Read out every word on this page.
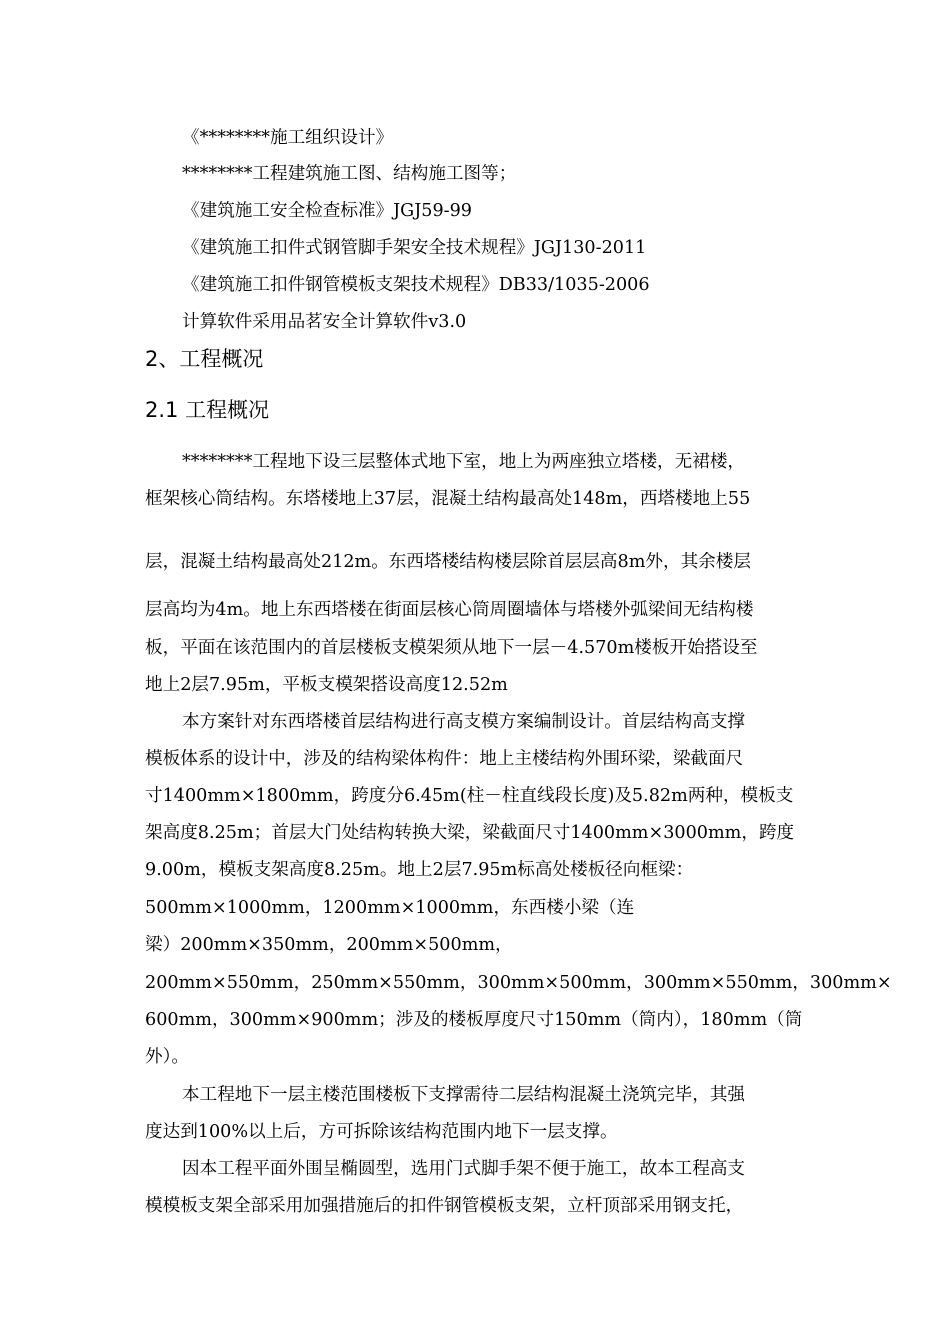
《********施工组织设计》
********工程建筑施工图、结构施工图等；
《建筑施工安全检查标准》JGJ59-99
《建筑施工扣件式钢管脚手架安全技术规程》JGJ130-2011
《建筑施工扣件钢管模板支架技术规程》DB33/1035-2006
计算软件采用品茗安全计算软件v3.0
2、工程概况
2.1 工程概况
********工程地下设三层整体式地下室，地上为两座独立塔楼，无裙楼，
框架核心筒结构。东塔楼地上37层，混凝土结构最高处148m，西塔楼地上55
层，混凝土结构最高处212m。东西塔楼结构楼层除首层层高8m外，其余楼层
层高均为4m。地上东西塔楼在街面层核心筒周圈墙体与塔楼外弧梁间无结构楼
板，平面在该范围内的首层楼板支模架须从地下一层－4.570m楼板开始搭设至
地上2层7.95m，平板支模架搭设高度12.52m
本方案针对东西塔楼首层结构进行高支模方案编制设计。首层结构高支撑
模板体系的设计中，涉及的结构梁体构件：地上主楼结构外围环梁，梁截面尺
寸1400mm×1800mm，跨度分6.45m(柱－柱直线段长度)及5.82m两种，模板支
架高度8.25m；首层大门处结构转换大梁，梁截面尺寸1400mm×3000mm，跨度
9.00m，模板支架高度8.25m。地上2层7.95m标高处楼板径向框梁：
500mm×1000mm，1200mm×1000mm，东西楼小梁（连
梁）200mm×350mm，200mm×500mm，
200mm×550mm，250mm×550mm，300mm×500mm，300mm×550mm，300mm×
600mm，300mm×900mm；涉及的楼板厚度尺寸150mm（筒内），180mm（筒
外）。
本工程地下一层主楼范围楼板下支撑需待二层结构混凝土浇筑完毕，其强
度达到100%以上后，方可拆除该结构范围内地下一层支撑。
因本工程平面外围呈椭圆型，选用门式脚手架不便于施工，故本工程高支
模模板支架全部采用加强措施后的扣件钢管模板支架，立杆顶部采用钢支托，
